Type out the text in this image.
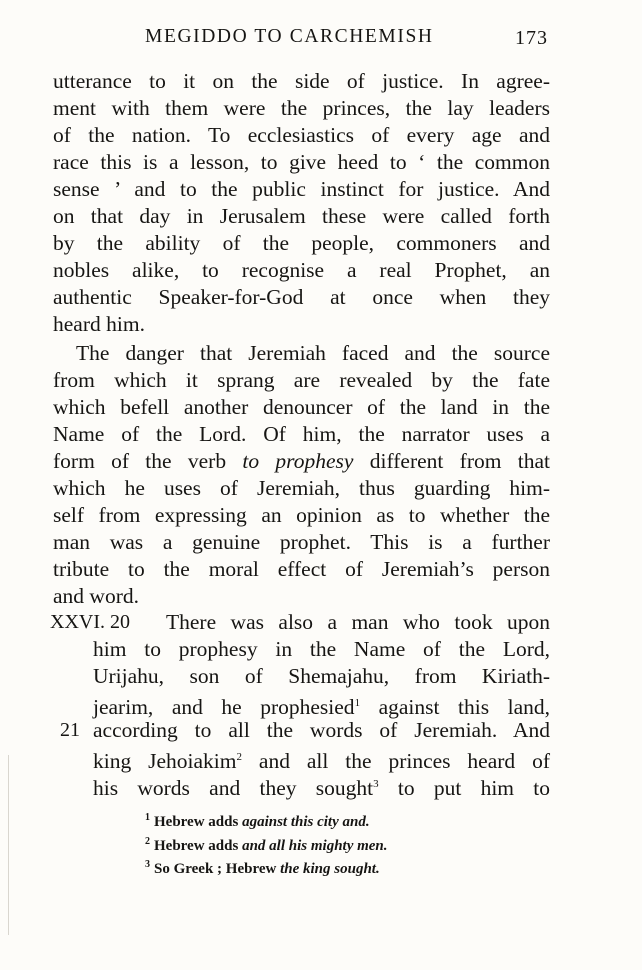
MEGIDDO TO CARCHEMISH	173
utterance to it on the side of justice. In agree-
ment with them were the princes, the lay leaders
of the nation. To ecclesiastics of every age and
race this is a lesson, to give heed to ‘ the common
sense ’ and to the public instinct for justice. And
on that day in Jerusalem these were called forth
by the ability of the people, commoners and
nobles alike, to recognise a real Prophet, an
authentic Speaker-for-God at once when they
heard him.
The danger that Jeremiah faced and the source
from which it sprang are revealed by the fate
which befell another denouncer of the land in the
Name of the Lord. Of him, the narrator uses a
form of the verb to prophesy different from that
which he uses of Jeremiah, thus guarding him-
self from expressing an opinion as to whether the
man was a genuine prophet. This is a further
tribute to the moral effect of Jeremiah’s person
and word.
XXVI. 20 There was also a man who took upon
him to prophesy in the Name of the Lord,
Urijahu, son of Shemajahu, from Kiriath-
jearim, and he prophesied$^1$ against this land,
21 according to all the words of Jeremiah. And
king Jehoiakim$^2$ and all the princes heard of
his words and they sought$^3$ to put him to
$^1$ Hebrew adds against this city and.
$^2$ Hebrew adds and all his mighty men.
$^3$ So Greek ; Hebrew the king sought.
